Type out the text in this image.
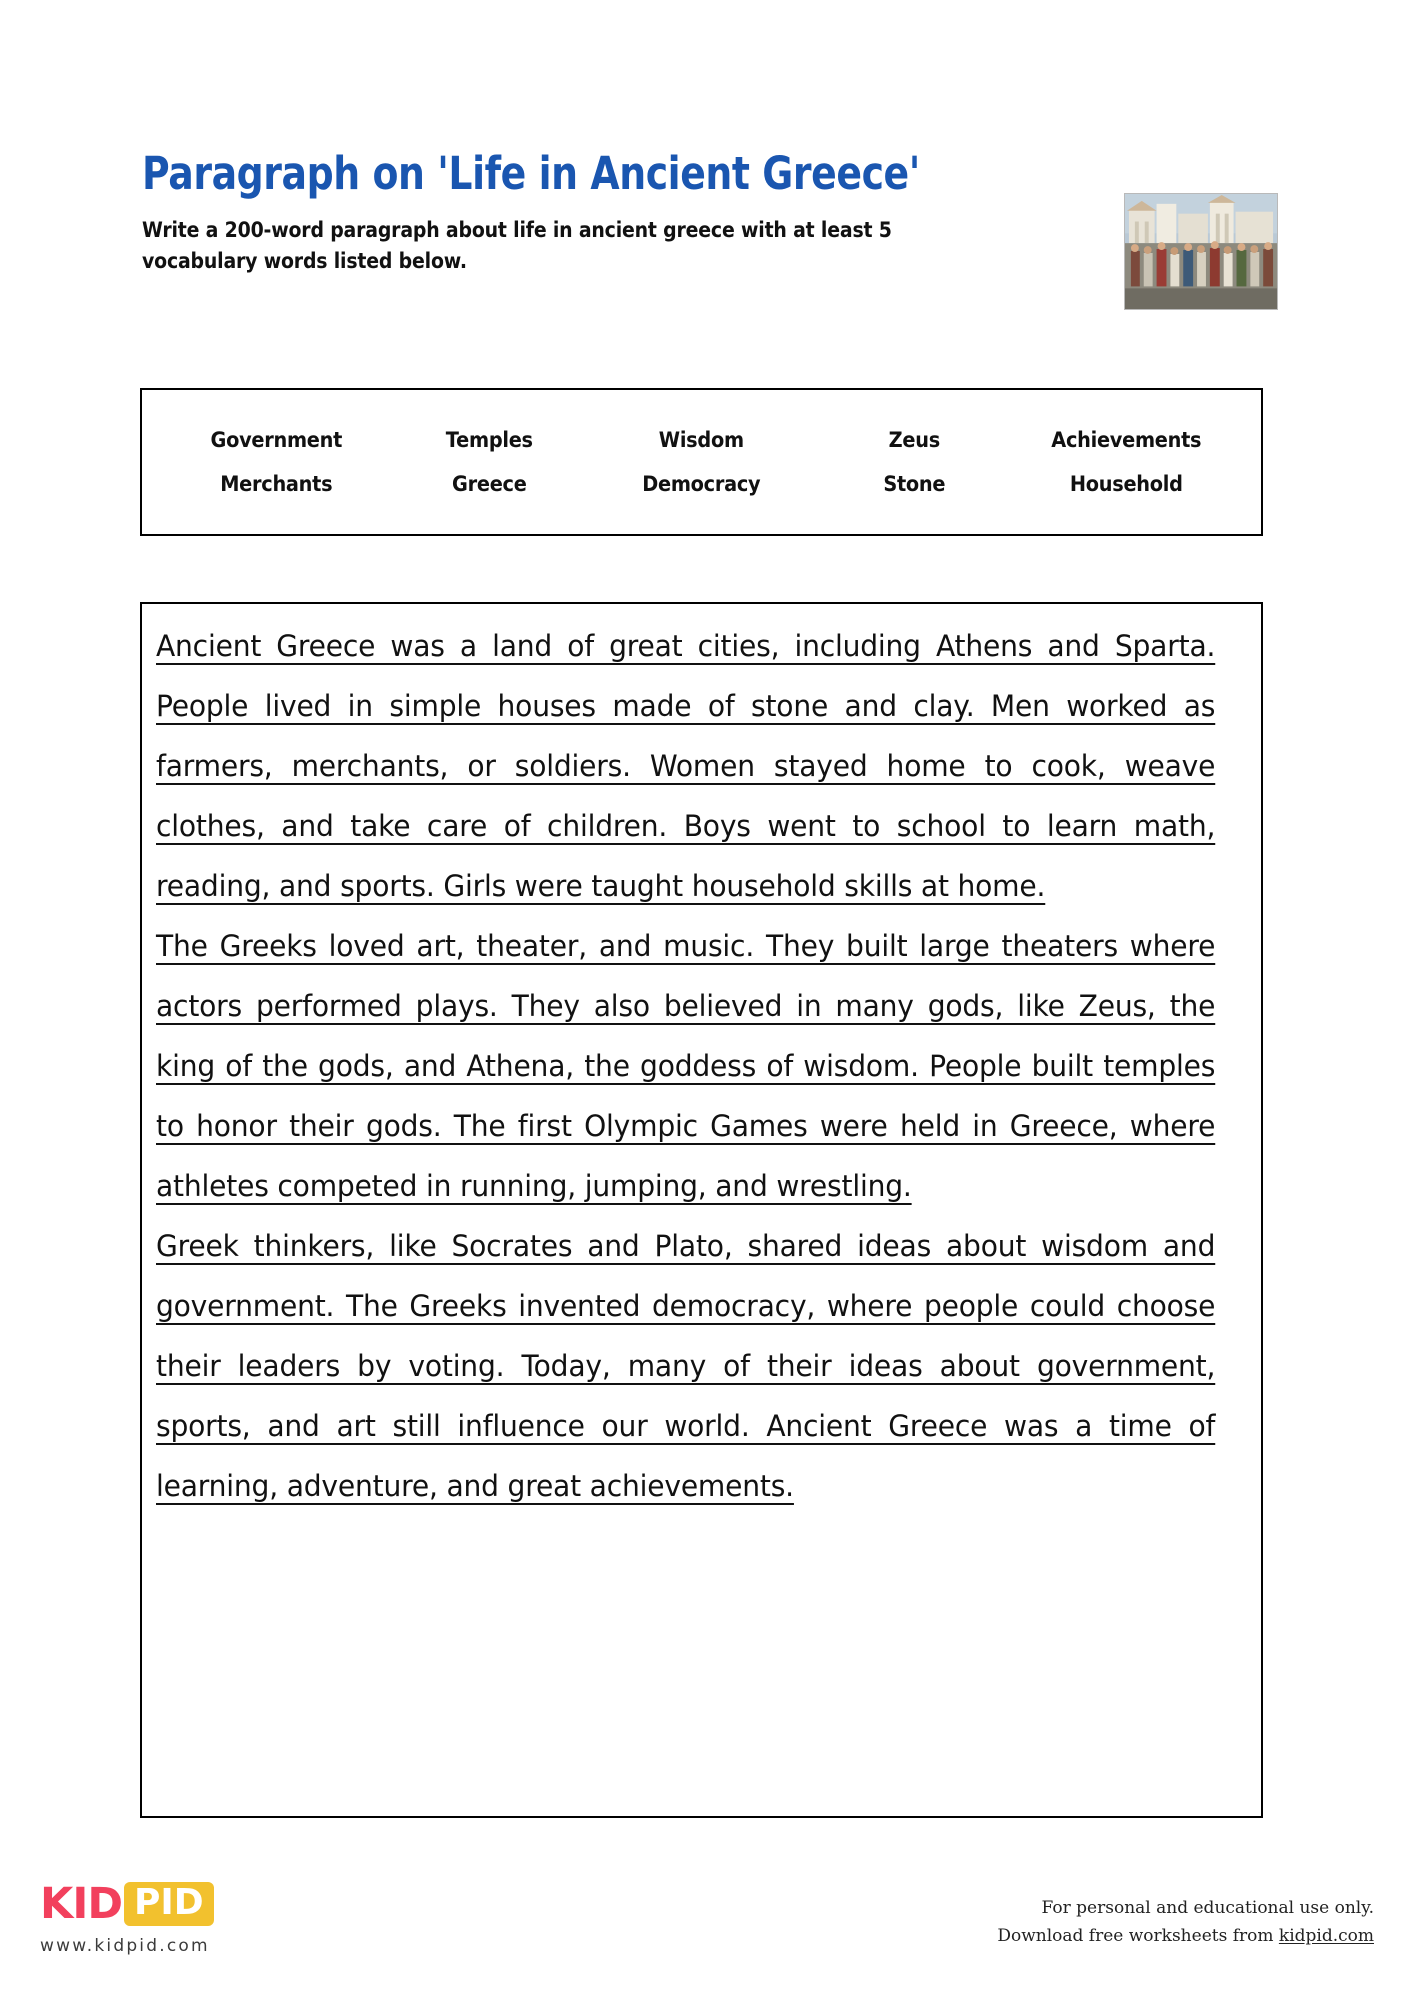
Paragraph on 'Life in Ancient Greece'

Write a 200-word paragraph about life in ancient greece with at least 5 vocabulary words listed below.

Government	Temples	Wisdom	Zeus	Achievements
Merchants	Greece	Democracy	Stone	Household

Ancient Greece was a land of great cities, including Athens and Sparta. People lived in simple houses made of stone and clay. Men worked as farmers, merchants, or soldiers. Women stayed home to cook, weave clothes, and take care of children. Boys went to school to learn math, reading, and sports. Girls were taught household skills at home.

The Greeks loved art, theater, and music. They built large theaters where actors performed plays. They also believed in many gods, like Zeus, the king of the gods, and Athena, the goddess of wisdom. People built temples to honor their gods. The first Olympic Games were held in Greece, where athletes competed in running, jumping, and wrestling.

Greek thinkers, like Socrates and Plato, shared ideas about wisdom and government. The Greeks invented democracy, where people could choose their leaders by voting. Today, many of their ideas about government, sports, and art still influence our world. Ancient Greece was a time of learning, adventure, and great achievements.

KID PID
www.kidpid.com
For personal and educational use only.
Download free worksheets from kidpid.com
